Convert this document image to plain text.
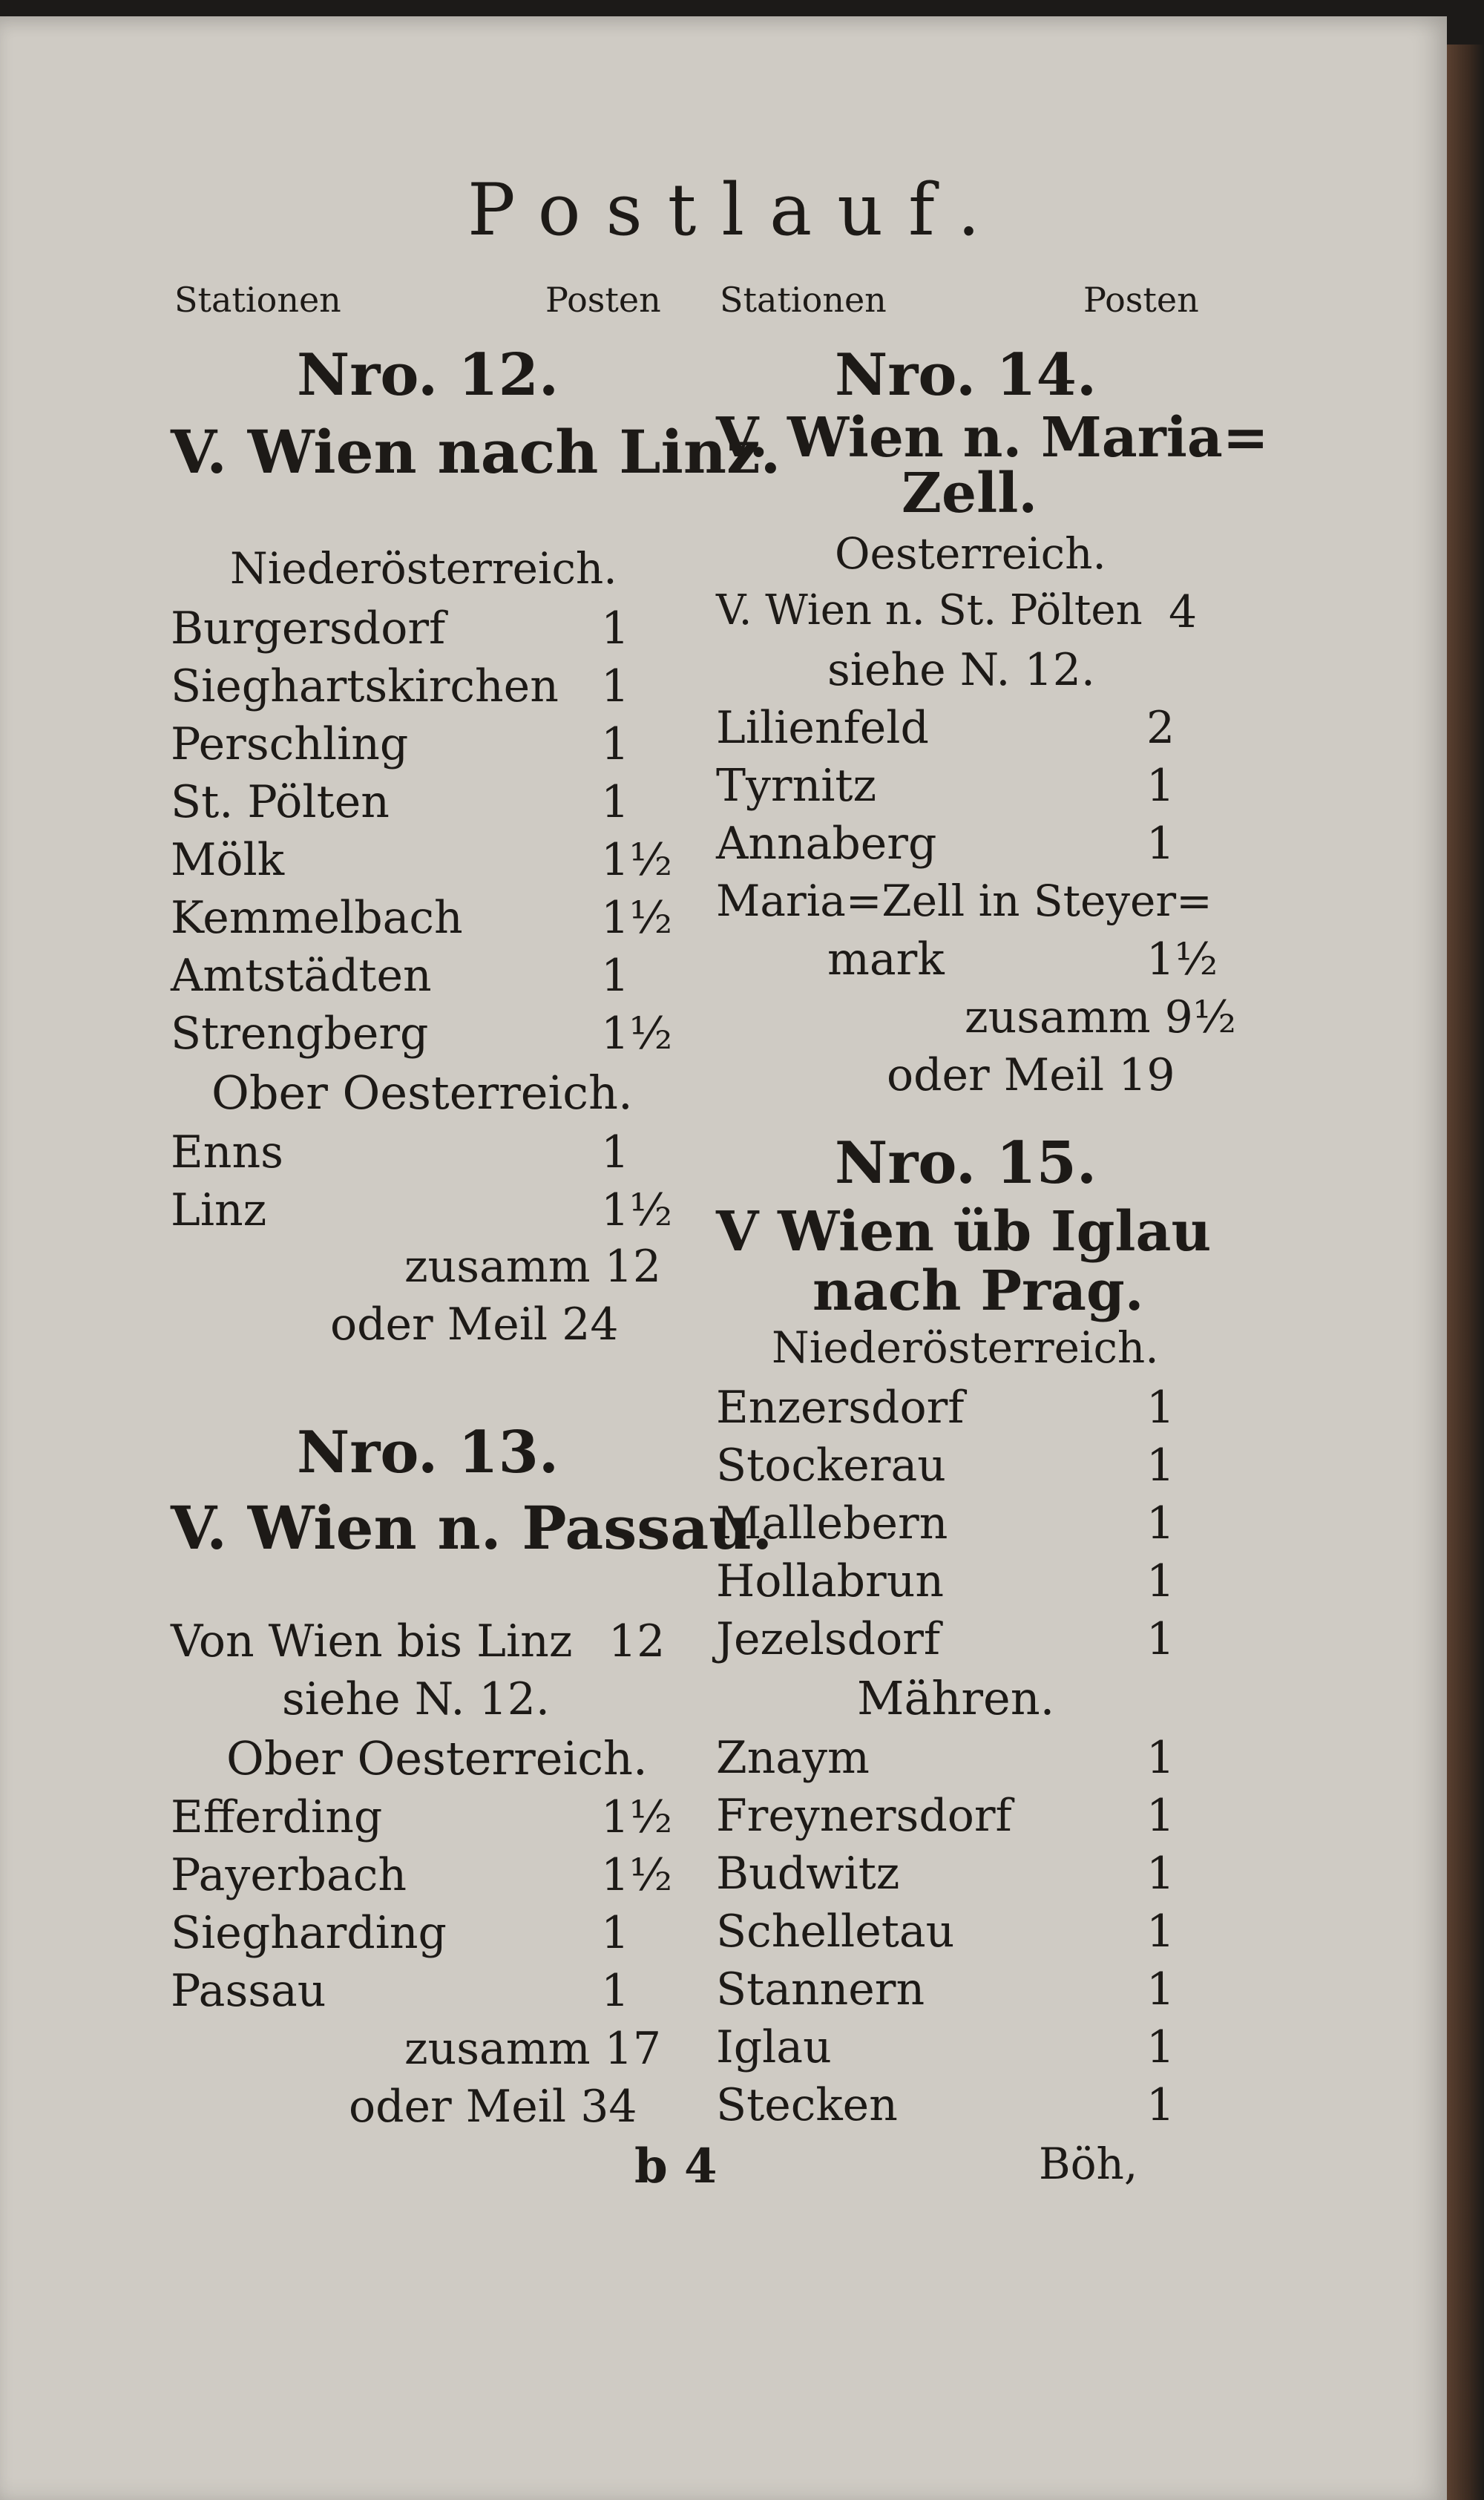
Postlauf.
Stationen	Posten
Nro. 12.
V. Wien nach Linz.
Niederösterreich.
Burgersdorf	1
Sieghartskirchen 1
Perschling	1
St. Pölten	1
Mölk	1½
Kemmelbach	1½
Amtstädten	1
Strengberg	1½
Ober Oesterreich.
Enns	1
Linz	1½
zusamm 12
oder Meil 24
Nro. 13.
V. Wien n. Passau.
Von Wien bis Linz 12
siehe N. 12.
Ober Oesterreich.
Efferding	1½
Payerbach	1½
Siegharding	1
Passau	1
zusamm 17
oder Meil 34
Stationen	Posten
Nro. 14.
V. Wien n. Maria=
Zell.
Oesterreich.
V. Wien n. St. Pölten 4
siehe N. 12.
Lilienfeld	2
Tyrnitz	1
Annaberg	1
Maria=Zell in Steyer=
mark	1½
zusamm 9½
oder Meil 19
Nro. 15.
V Wien üb Iglau
nach Prag.
Niederösterreich.
Enzersdorf	1
Stockerau	1
Mallebern	1
Hollabrun	1
Jezelsdorf	1
Mähren.
Znaym	1
Freynersdorf	1
Budwitz	1
Schelletau	1
Stannern	1
Iglau	1
Stecken	1
b 4	Böh,
